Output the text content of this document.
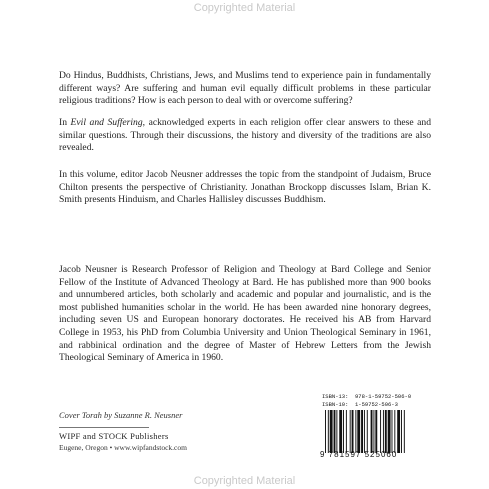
Copyrighted Material

Do Hindus, Buddhists, Christians, Jews, and Muslims tend to experience pain in fundamentally different ways? Are suffering and human evil equally difficult problems in these particular religious traditions? How is each person to deal with or overcome suffering?

In Evil and Suffering, acknowledged experts in each religion offer clear answers to these and similar questions. Through their discussions, the history and diversity of the traditions are also revealed.

In this volume, editor Jacob Neusner addresses the topic from the standpoint of Judaism, Bruce Chilton presents the perspective of Christianity. Jonathan Brockopp discusses Islam, Brian K. Smith presents Hinduism, and Charles Hallisley discusses Buddhism.

Jacob Neusner is Research Professor of Religion and Theology at Bard College and Senior Fellow of the Institute of Advanced Theology at Bard. He has published more than 900 books and unnumbered articles, both scholarly and academic and popular and journalistic, and is the most published humanities scholar in the world. He has been awarded nine honorary degrees, including seven US and European honorary doctorates. He received his AB from Harvard College in 1953, his PhD from Columbia University and Union Theological Seminary in 1961, and rabbinical ordination and the degree of Master of Hebrew Letters from the Jewish Theological Seminary of America in 1960.

Cover Torah by Suzanne R. Neusner
WIPF and STOCK Publishers
Eugene, Oregon • www.wipfandstock.com
ISBN-13:  978-1-59752-506-0
ISBN-10:  1-59752-506-3
9 781597 525060
Copyrighted Material
